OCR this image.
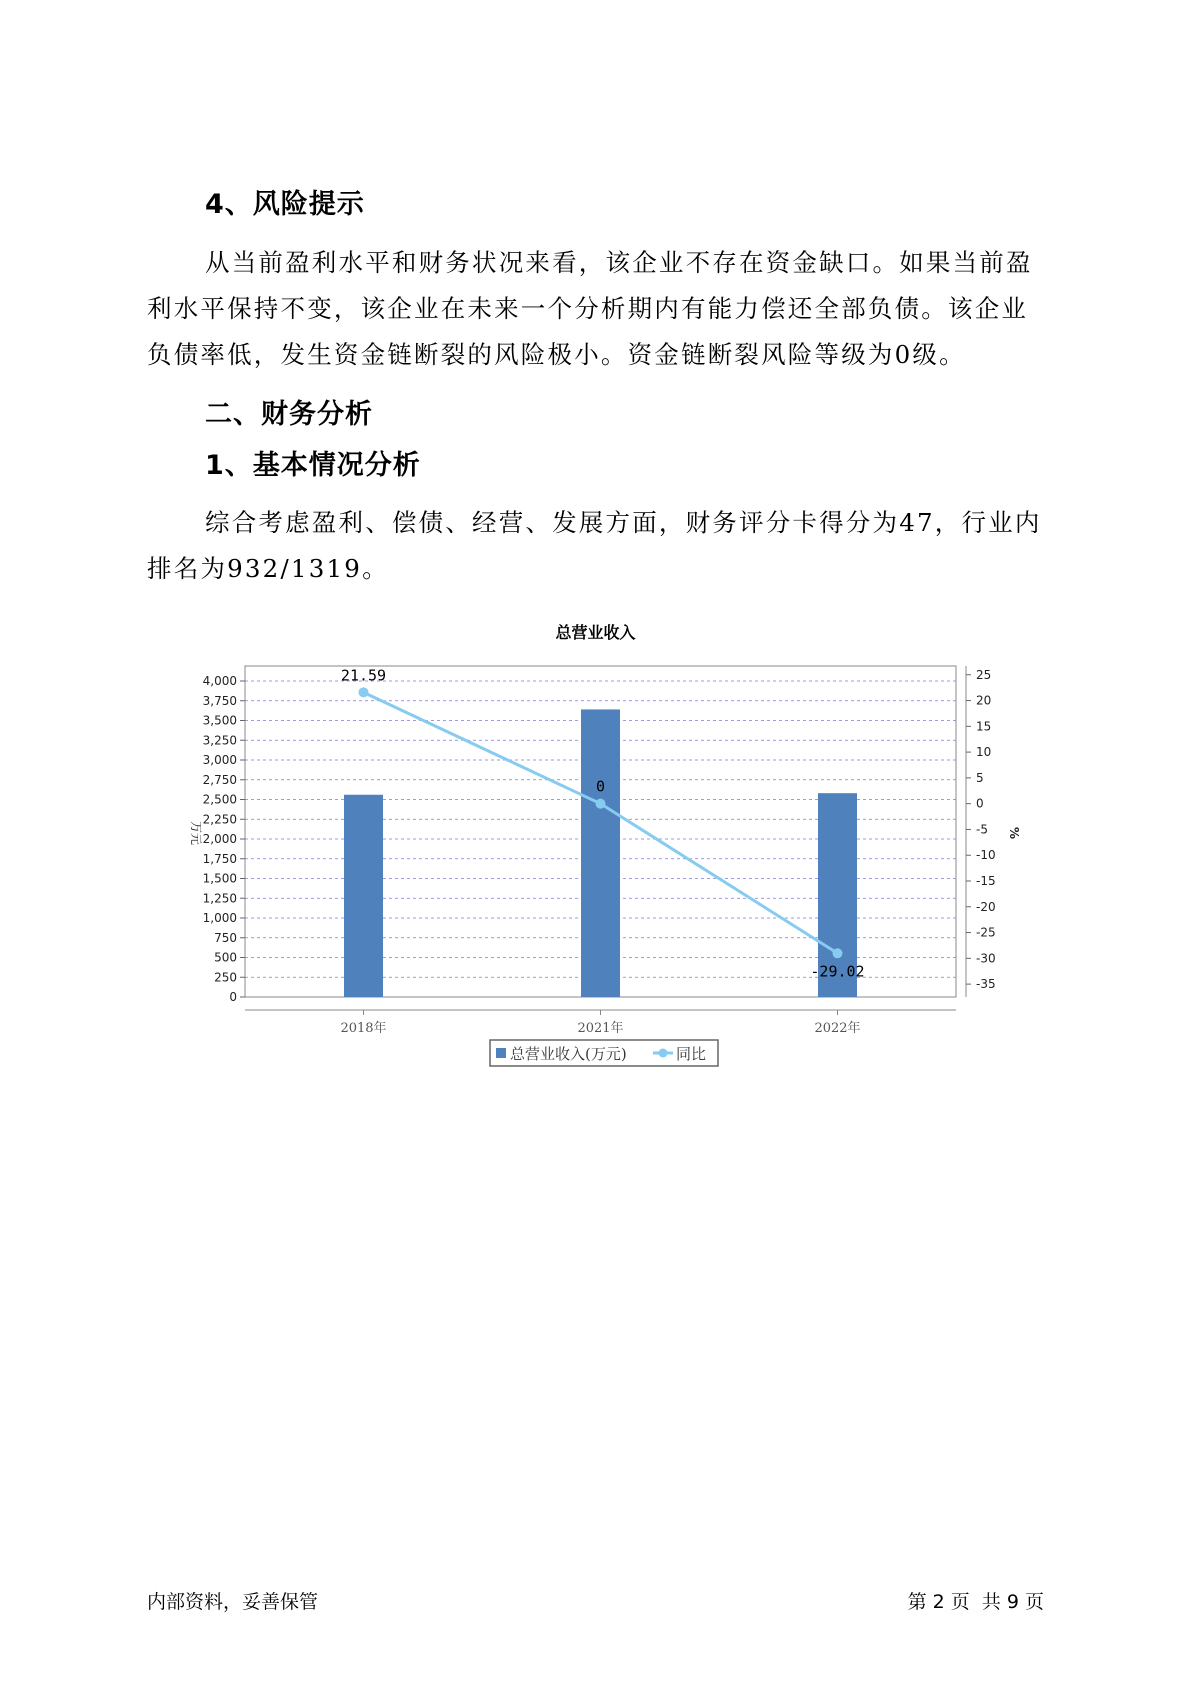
4、风险提示

从当前盈利水平和财务状况来看，该企业不存在资金缺口。如果当前盈利水平保持不变，该企业在未来一个分析期内有能力偿还全部负债。该企业负债率低，发生资金链断裂的风险极小。资金链断裂风险等级为0级。

二、财务分析
1、基本情况分析

综合考虑盈利、偿债、经营、发展方面，财务评分卡得分为47，行业内排名为932/1319。

总营业收入
0
250
500
750
1,000
1,250
1,500
1,750
2,000
2,250
2,500
2,750
3,000
3,250
3,500
3,750
4,000	25
20
15
10
5
0
-5
-10
-15
-20
-25
-30
-35
万元	%
2018年	2021年	2022年
21.59
0
-29.02
总营业收入(万元)	同比
内部资料，妥善保管	第 2 页  共 9 页
